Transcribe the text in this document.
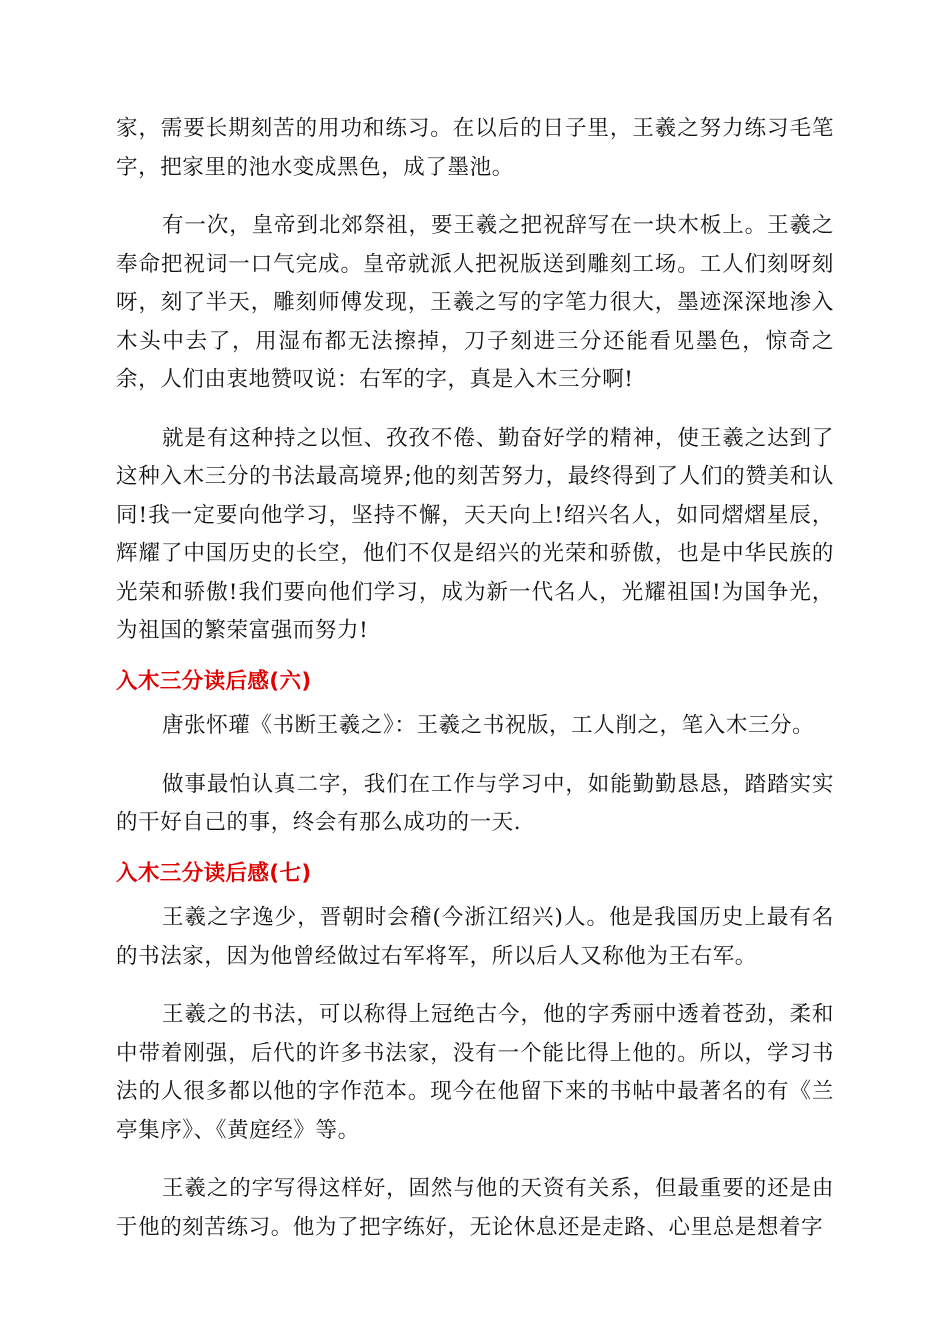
家，需要长期刻苦的用功和练习。在以后的日子里，王羲之努力练习毛笔字，把家里的池水变成黑色，成了墨池。

有一次，皇帝到北郊祭祖，要王羲之把祝辞写在一块木板上。王羲之奉命把祝词一口气完成。皇帝就派人把祝版送到雕刻工场。工人们刻呀刻呀，刻了半天，雕刻师傅发现，王羲之写的字笔力很大，墨迹深深地渗入木头中去了，用湿布都无法擦掉，刀子刻进三分还能看见墨色，惊奇之余，人们由衷地赞叹说：右军的字，真是入木三分啊!

就是有这种持之以恒、孜孜不倦、勤奋好学的精神，使王羲之达到了这种入木三分的书法最高境界;他的刻苦努力，最终得到了人们的赞美和认同!我一定要向他学习，坚持不懈，天天向上!绍兴名人，如同熠熠星辰，辉耀了中国历史的长空，他们不仅是绍兴的光荣和骄傲，也是中华民族的光荣和骄傲!我们要向他们学习，成为新一代名人，光耀祖国!为国争光，为祖国的繁荣富强而努力!

入木三分读后感(六)

唐张怀瓘《书断王羲之》：王羲之书祝版，工人削之，笔入木三分。

做事最怕认真二字，我们在工作与学习中，如能勤勤恳恳，踏踏实实的干好自己的事，终会有那么成功的一天.

入木三分读后感(七)

王羲之字逸少，晋朝时会稽(今浙江绍兴)人。他是我国历史上最有名的书法家，因为他曾经做过右军将军，所以后人又称他为王右军。

王羲之的书法，可以称得上冠绝古今，他的字秀丽中透着苍劲，柔和中带着刚强，后代的许多书法家，没有一个能比得上他的。所以，学习书法的人很多都以他的字作范本。现今在他留下来的书帖中最著名的有《兰亭集序》、《黄庭经》等。

王羲之的字写得这样好，固然与他的天资有关系，但最重要的还是由于他的刻苦练习。他为了把字练好，无论休息还是走路、心里总是想着字
